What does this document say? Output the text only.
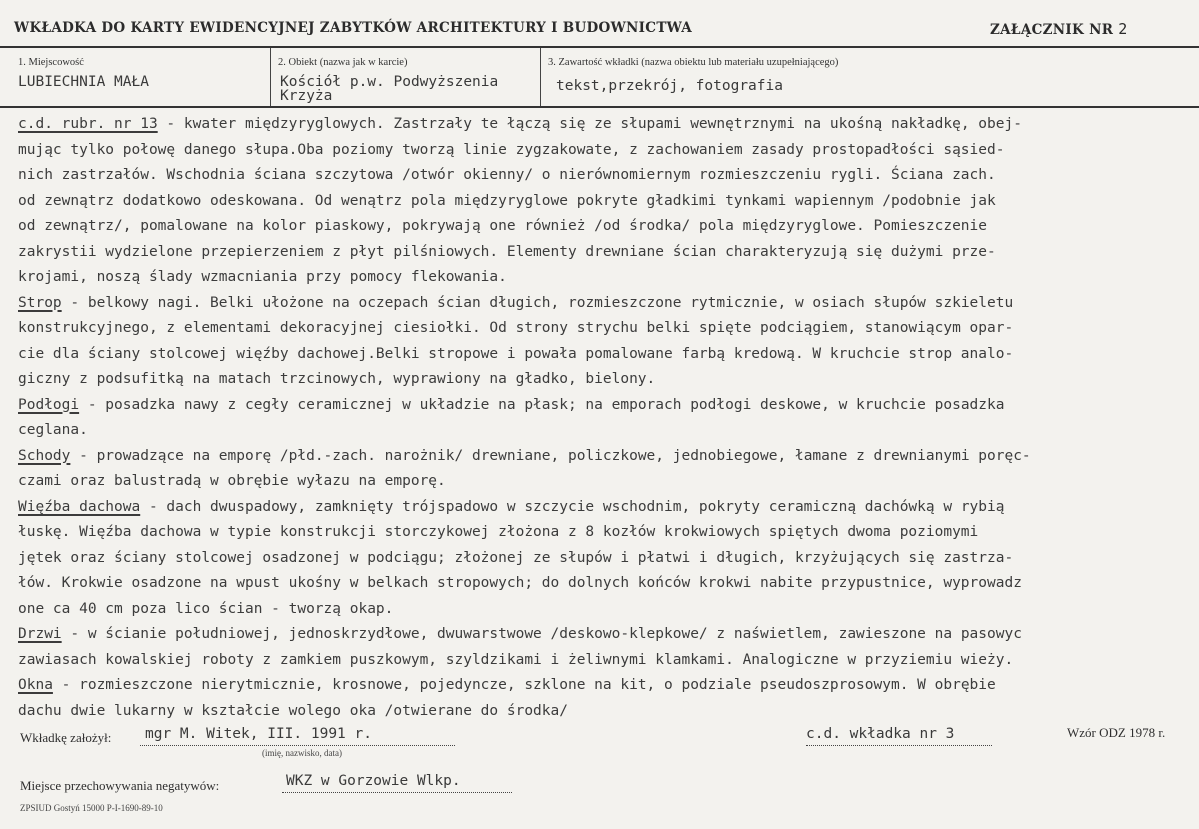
WKŁADKA DO KARTY EWIDENCYJNEJ ZABYTKÓW ARCHITEKTURY I BUDOWNICTWA	ZAŁĄCZNIK NR 2
1. Miejscowość
LUBIECHNIA MAŁA
2. Obiekt (nazwa jak w karcie)
Kościół p.w. Podwyższenia
Krzyża
3. Zawartość wkładki (nazwa obiektu lub materiału uzupełniającego)
tekst,przekrój, fotografia
c.d. rubr. nr 13 - kwater międzyryglowych. Zastrzały te łączą się ze słupami wewnętrznymi na ukośną nakładkę, obej-
mując tylko połowę danego słupa.Oba poziomy tworzą linie zygzakowate, z zachowaniem zasady prostopadłości sąsied-
nich zastrzałów. Wschodnia ściana szczytowa /otwór okienny/ o nierównomiernym rozmieszczeniu rygli. Ściana zach.
od zewnątrz dodatkowo odeskowana. Od wenątrz pola międzyryglowe pokryte gładkimi tynkami wapiennym /podobnie jak
od zewnątrz/, pomalowane na kolor piaskowy, pokrywają one również /od środka/ pola międzyryglowe. Pomieszczenie
zakrystii wydzielone przepierzeniem z płyt pilśniowych. Elementy drewniane ścian charakteryzują się dużymi prze-
krojami, noszą ślady wzmacniania przy pomocy flekowania.
Strop - belkowy nagi. Belki ułożone na oczepach ścian długich, rozmieszczone rytmicznie, w osiach słupów szkieletu
konstrukcyjnego, z elementami dekoracyjnej ciesiołki. Od strony strychu belki spięte podciągiem, stanowiącym opar-
cie dla ściany stolcowej więźby dachowej.Belki stropowe i powała pomalowane farbą kredową. W kruchcie strop analo-
giczny z podsufitką na matach trzcinowych, wyprawiony na gładko, bielony.
Podłogi - posadzka nawy z cegły ceramicznej w układzie na płask; na emporach podłogi deskowe, w kruchcie posadzka
ceglana.
Schody - prowadzące na emporę /płd.-zach. narożnik/ drewniane, policzkowe, jednobiegowe, łamane z drewnianymi poręc-
czami oraz balustradą w obrębie wyłazu na emporę.
Więźba dachowa - dach dwuspadowy, zamknięty trójspadowo w szczycie wschodnim, pokryty ceramiczną dachówką w rybią
łuskę. Więźba dachowa w typie konstrukcji storczykowej złożona z 8 kozłów krokwiowych spiętych dwoma poziomymi
jętek oraz ściany stolcowej osadzonej w podciągu; złożonej ze słupów i płatwi i długich, krzyżujących się zastrza-
łów. Krokwie osadzone na wpust ukośny w belkach stropowych; do dolnych końców krokwi nabite przypustnice, wyprowadz
one ca 40 cm poza lico ścian - tworzą okap.
Drzwi - w ścianie południowej, jednoskrzydłowe, dwuwarstwowe /deskowo-klepkowe/ z naświetlem, zawieszone na pasowyc
zawiasach kowalskiej roboty z zamkiem puszkowym, szyldzikami i żeliwnymi klamkami. Analogiczne w przyziemiu wieży.
Okna - rozmieszczone nierytmicznie, krosnowe, pojedyncze, szklone na kit, o podziale pseudoszprosowym. W obrębie
dachu dwie lukarny w kształcie wolego oka /otwierane do środka/
Wkładkę założył: mgr M. Witek, III. 1991 r.
(imię, nazwisko, data)
c.d. wkładka nr 3	Wzór ODZ 1978 r.
Miejsce przechowywania negatywów:	WKZ w Gorzowie Wlkp.
ZPSIUD Gostyń 15000 P-I-1690-89-10
